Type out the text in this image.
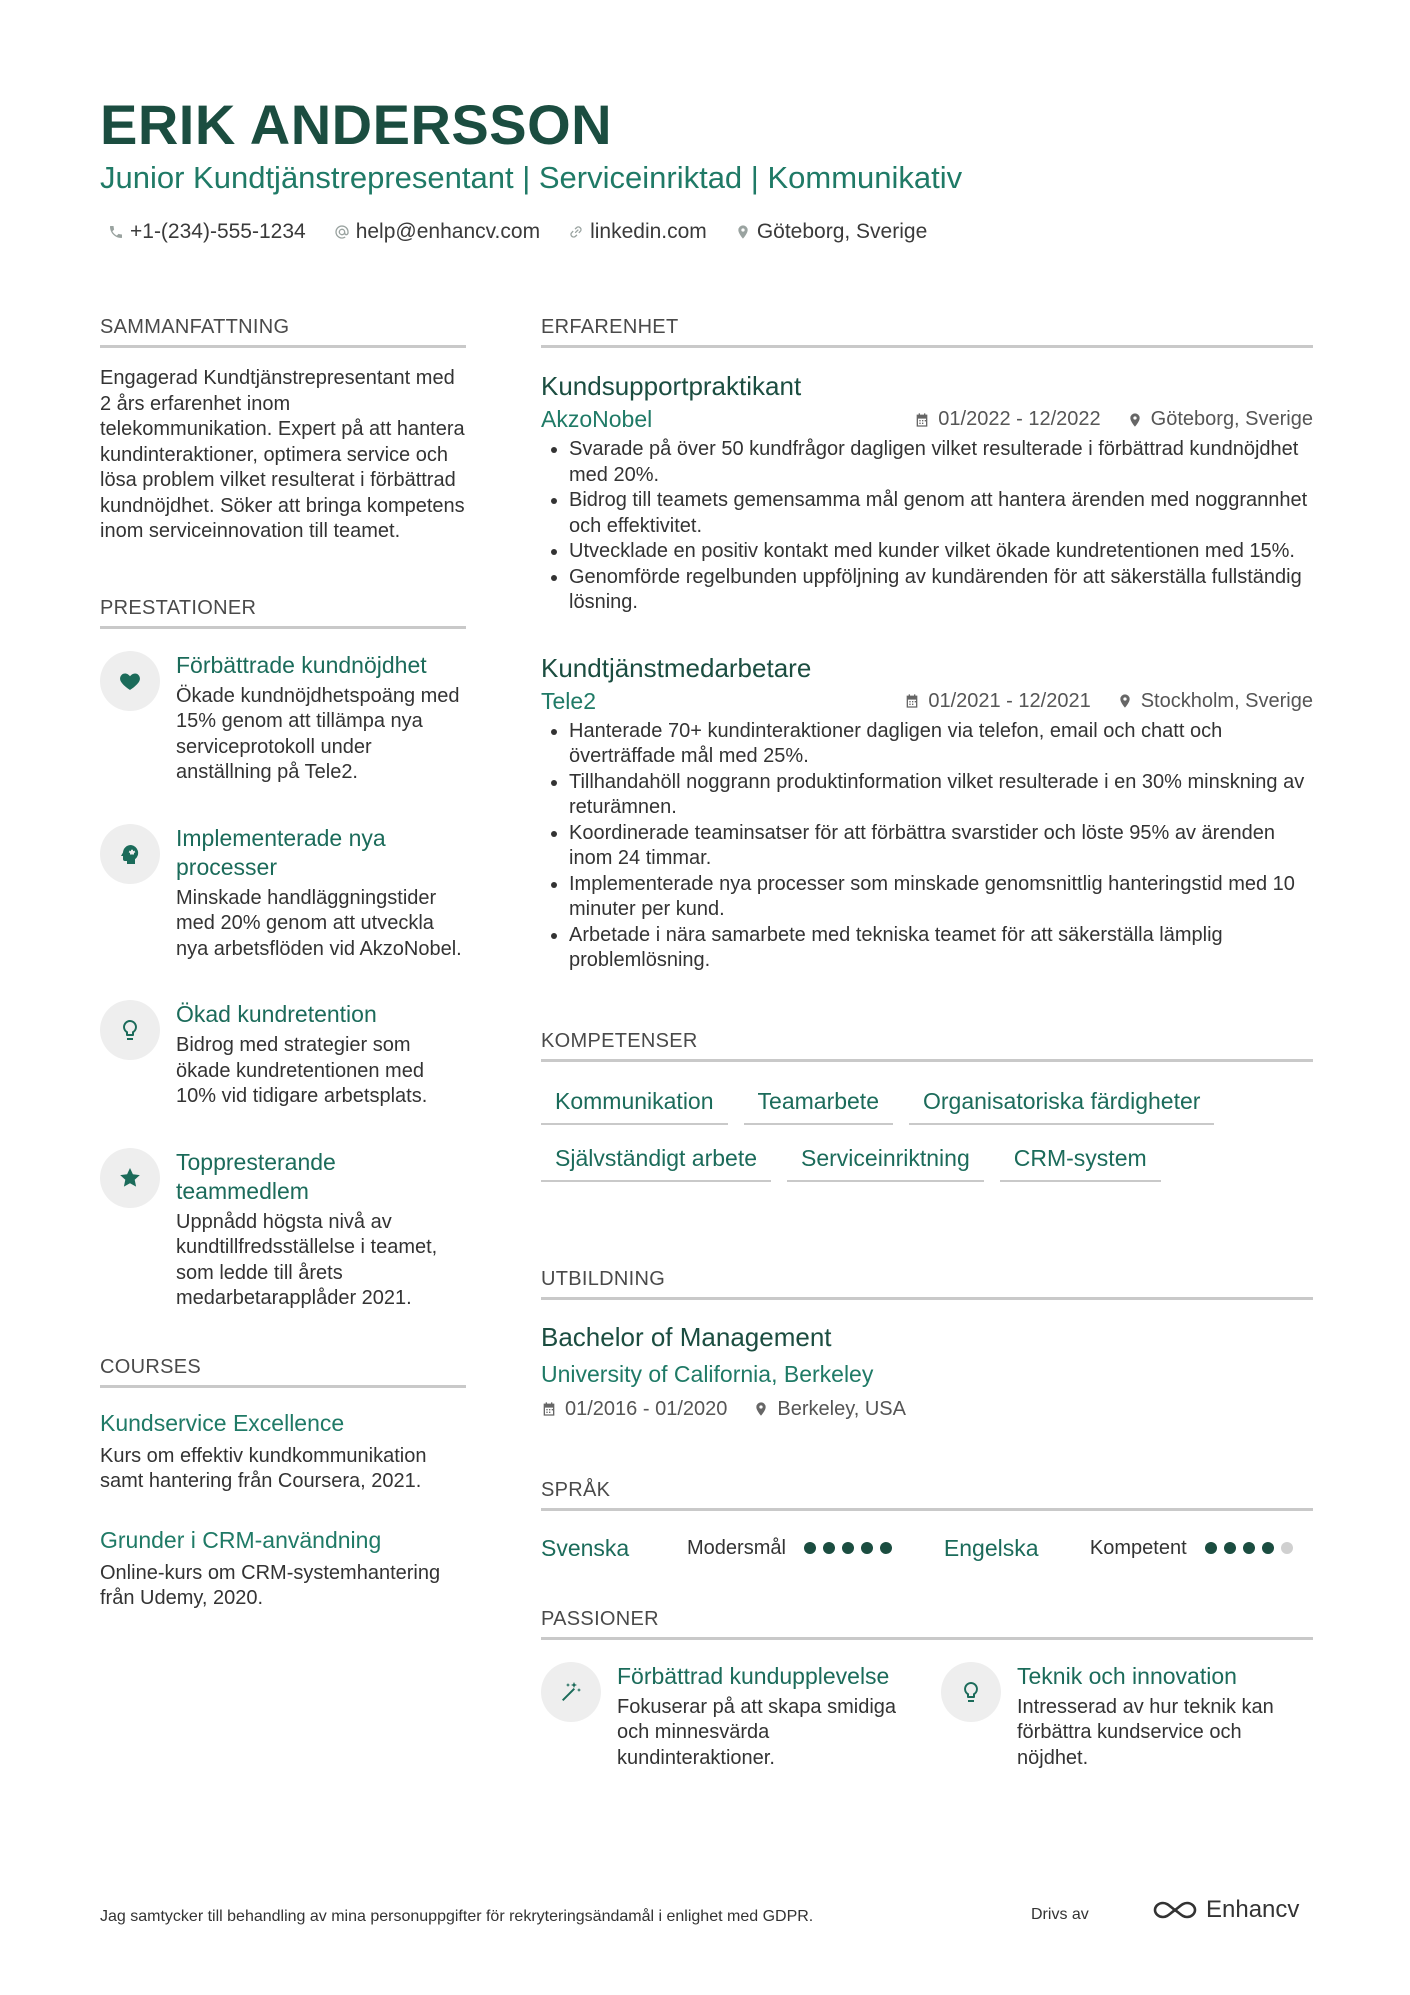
ERIK ANDERSSON
Junior Kundtjänstrepresentant | Serviceinriktad | Kommunikativ
+1-(234)-555-1234 help@enhancv.com linkedin.com Göteborg, Sverige
SAMMANFATTNING
Engagerad Kundtjänstrepresentant med 2 års erfarenhet inom telekommunikation. Expert på att hantera kundinteraktioner, optimera service och lösa problem vilket resulterat i förbättrad kundnöjdhet. Söker att bringa kompetens inom serviceinnovation till teamet.
PRESTATIONER
Förbättrade kundnöjdhet
Ökade kundnöjdhetspoäng med 15% genom att tillämpa nya serviceprotokoll under anställning på Tele2.
Implementerade nya processer
Minskade handläggningstider med 20% genom att utveckla nya arbetsflöden vid AkzoNobel.
Ökad kundretention
Bidrog med strategier som ökade kundretentionen med 10% vid tidigare arbetsplats.
Toppresterande teammedlem
Uppnådd högsta nivå av kundtillfredsställelse i teamet, som ledde till årets medarbetarapplåder 2021.
COURSES
Kundservice Excellence
Kurs om effektiv kundkommunikation samt hantering från Coursera, 2021.
Grunder i CRM-användning
Online-kurs om CRM-systemhantering från Udemy, 2020.
ERFARENHET
Kundsupportpraktikant
AkzoNobel	01/2022 - 12/2022	Göteborg, Sverige
• Svarade på över 50 kundfrågor dagligen vilket resulterade i förbättrad kundnöjdhet med 20%.
• Bidrog till teamets gemensamma mål genom att hantera ärenden med noggrannhet och effektivitet.
• Utvecklade en positiv kontakt med kunder vilket ökade kundretentionen med 15%.
• Genomförde regelbunden uppföljning av kundärenden för att säkerställa fullständig lösning.
Kundtjänstmedarbetare
Tele2	01/2021 - 12/2021	Stockholm, Sverige
• Hanterade 70+ kundinteraktioner dagligen via telefon, email och chatt och överträffade mål med 25%.
• Tillhandahöll noggrann produktinformation vilket resulterade i en 30% minskning av returämnen.
• Koordinerade teaminsatser för att förbättra svarstider och löste 95% av ärenden inom 24 timmar.
• Implementerade nya processer som minskade genomsnittlig hanteringstid med 10 minuter per kund.
• Arbetade i nära samarbete med tekniska teamet för att säkerställa lämplig problemlösning.
KOMPETENSER
Kommunikation	Teamarbete	Organisatoriska färdigheter
Självständigt arbete	Serviceinriktning	CRM-system
UTBILDNING
Bachelor of Management
University of California, Berkeley
01/2016 - 01/2020	Berkeley, USA
SPRÅK
Svenska	Modersmål	Engelska	Kompetent
PASSIONER
Förbättrad kundupplevelse
Fokuserar på att skapa smidiga och minnesvärda kundinteraktioner.
Teknik och innovation
Intresserad av hur teknik kan förbättra kundservice och nöjdhet.
Jag samtycker till behandling av mina personuppgifter för rekryteringsändamål i enlighet med GDPR.	Drivs av	Enhancv
